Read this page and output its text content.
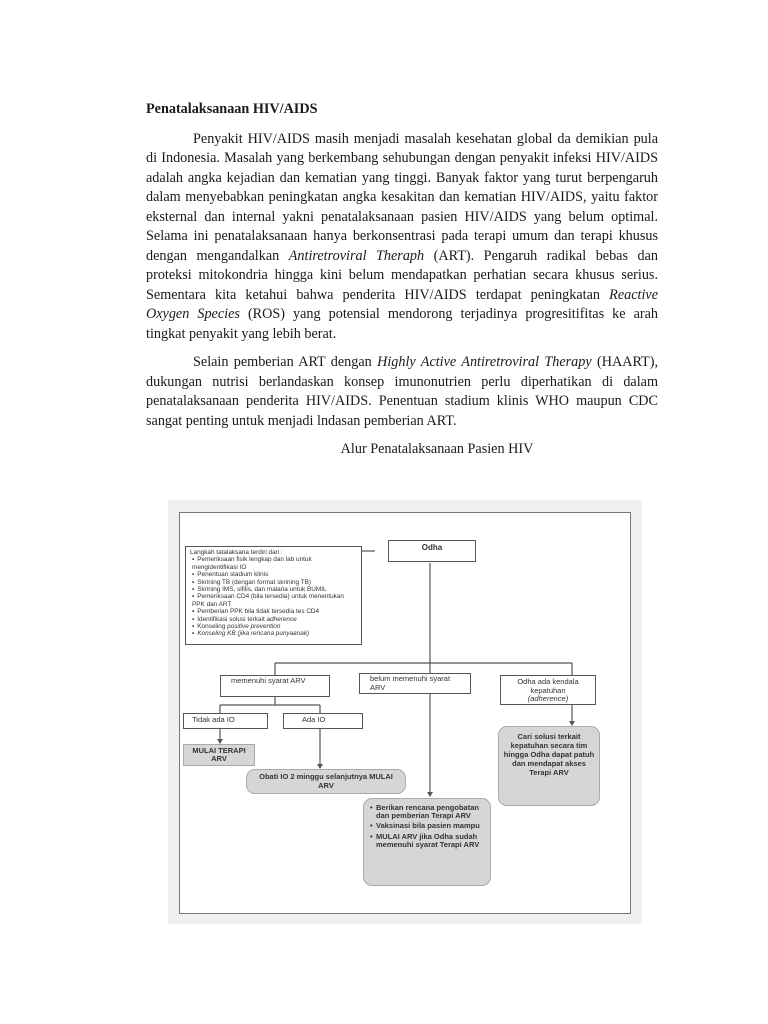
Penatalaksanaan HIV/AIDS

Penyakit HIV/AIDS masih menjadi masalah kesehatan global da demikian pula di Indonesia. Masalah yang berkembang sehubungan dengan penyakit infeksi HIV/AIDS adalah angka kejadian dan kematian yang tinggi. Banyak faktor yang turut berpengaruh dalam menyebabkan peningkatan angka kesakitan dan kematian HIV/AIDS, yaitu faktor eksternal dan internal yakni penatalaksanaan pasien HIV/AIDS yang belum optimal. Selama ini penatalaksanaan hanya berkonsentrasi pada terapi umum dan terapi khusus dengan mengandalkan Antiretroviral Theraph (ART). Pengaruh radikal bebas dan proteksi mitokondria hingga kini belum mendapatkan perhatian secara khusus serius. Sementara kita ketahui bahwa penderita HIV/AIDS terdapat peningkatan Reactive Oxygen Species (ROS) yang potensial mendorong terjadinya progresitifitas ke arah tingkat penyakit yang lebih berat.

Selain pemberian ART dengan Highly Active Antiretroviral Therapy (HAART), dukungan nutrisi berlandaskan konsep imunonutrien perlu diperhatikan di dalam penatalaksanaan penderita HIV/AIDS. Penentuan stadium klinis WHO maupun CDC sangat penting untuk menjadi lndasan pemberian ART.

Alur Penatalaksanaan Pasien HIV

Langkah tatalaksana terdiri dari :
▪ Pemeriksaan fisik lengkap dan lab untuk mengidentifikasi IO
▪ Penentuan stadium klinis
▪ Skrining TB (dengan format skrining TB)
▪ Skrining IMS, sifilis, dan malaria untuk BUMIL
▪ Pemeriksaan CD4 (bila tersedia) untuk menentukan PPK dan ART
▪ Pemberian PPK bila tidak tersedia tes CD4
▪ Identifikasi solusi terkait adherence
▪ Konseling positive prevention
▪ Konseling KB (jika rencana punyaanak)
Odha
memenuhi syarat ARV	belum memenuhi syarat ARV
Odha ada kendala kepatuhan
(adherence)
Tidak ada IO	Ada IO
MULAI TERAPI ARV
Obati IO 2 minggu selanjutnya MULAI ARV
Cari solusi terkait kepatuhan secara tim hingga Odha dapat patuh dan mendapat akses Terapi ARV
• Berikan rencana pengobatan dan pemberian Terapi ARV
• Vaksinasi bila pasien mampu
• MULAI ARV jika Odha sudah memenuhi syarat Terapi ARV
